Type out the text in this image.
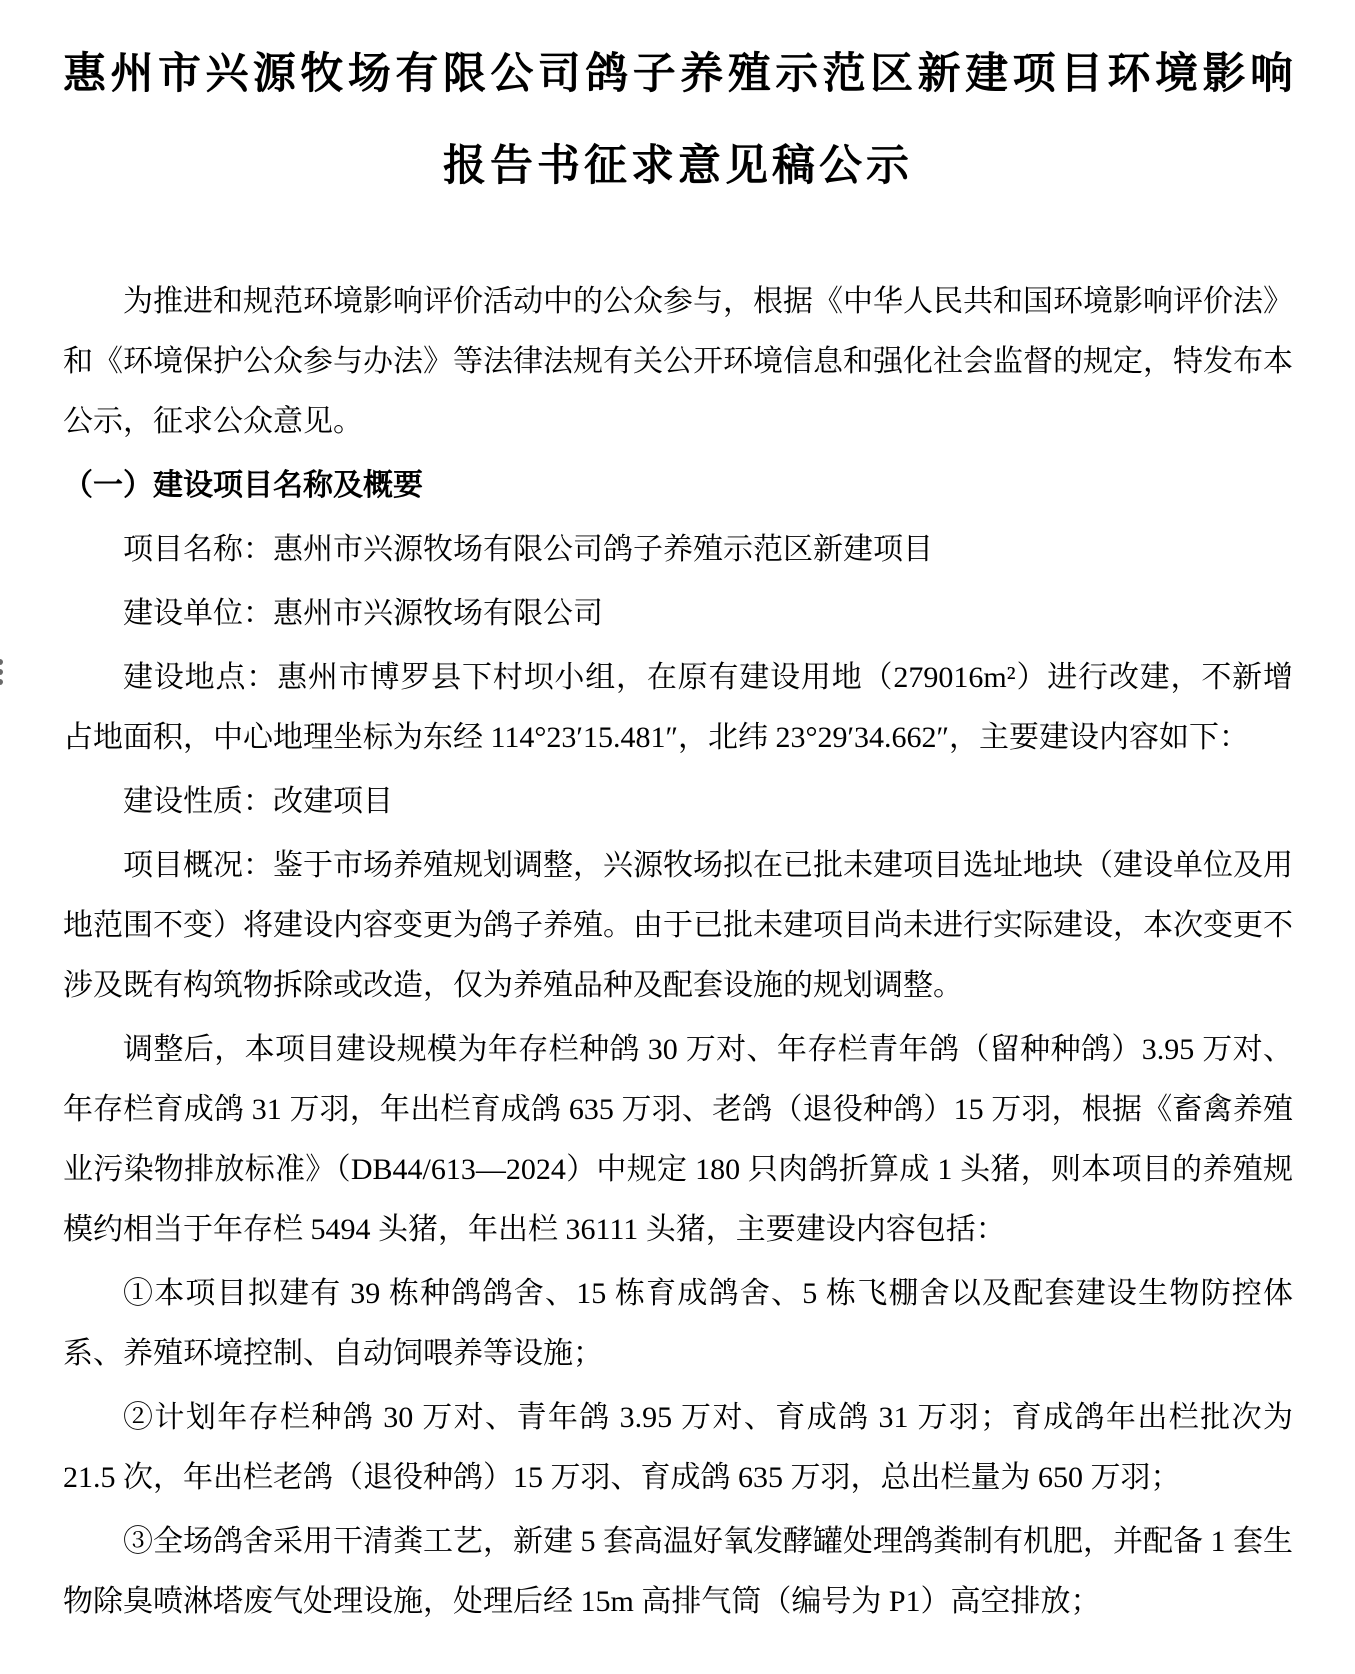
惠州市兴源牧场有限公司鸽子养殖示范区新建项目环境影响
报告书征求意见稿公示

为推进和规范环境影响评价活动中的公众参与，根据《中华人民共和国环境影响评价法》和《环境保护公众参与办法》等法律法规有关公开环境信息和强化社会监督的规定，特发布本公示，征求公众意见。

（一）建设项目名称及概要

项目名称：惠州市兴源牧场有限公司鸽子养殖示范区新建项目

建设单位：惠州市兴源牧场有限公司

建设地点：惠州市博罗县下村坝小组，在原有建设用地（279016m²）进行改建，不新增占地面积，中心地理坐标为东经 114°23′15.481″，北纬 23°29′34.662″，主要建设内容如下：

建设性质：改建项目

项目概况：鉴于市场养殖规划调整，兴源牧场拟在已批未建项目选址地块（建设单位及用地范围不变）将建设内容变更为鸽子养殖。由于已批未建项目尚未进行实际建设，本次变更不涉及既有构筑物拆除或改造，仅为养殖品种及配套设施的规划调整。

调整后，本项目建设规模为年存栏种鸽 30 万对、年存栏青年鸽（留种种鸽）3.95 万对、年存栏育成鸽 31 万羽，年出栏育成鸽 635 万羽、老鸽（退役种鸽）15 万羽，根据《畜禽养殖业污染物排放标准》（DB44/613—2024）中规定 180 只肉鸽折算成 1 头猪，则本项目的养殖规模约相当于年存栏 5494 头猪，年出栏 36111 头猪，主要建设内容包括：

①本项目拟建有 39 栋种鸽鸽舍、15 栋育成鸽舍、5 栋飞棚舍以及配套建设生物防控体系、养殖环境控制、自动饲喂养等设施；

②计划年存栏种鸽 30 万对、青年鸽 3.95 万对、育成鸽 31 万羽；育成鸽年出栏批次为 21.5 次，年出栏老鸽（退役种鸽）15 万羽、育成鸽 635 万羽，总出栏量为 650 万羽；

③全场鸽舍采用干清粪工艺，新建 5 套高温好氧发酵罐处理鸽粪制有机肥，并配备 1 套生物除臭喷淋塔废气处理设施，处理后经 15m 高排气筒（编号为 P1）高空排放；
